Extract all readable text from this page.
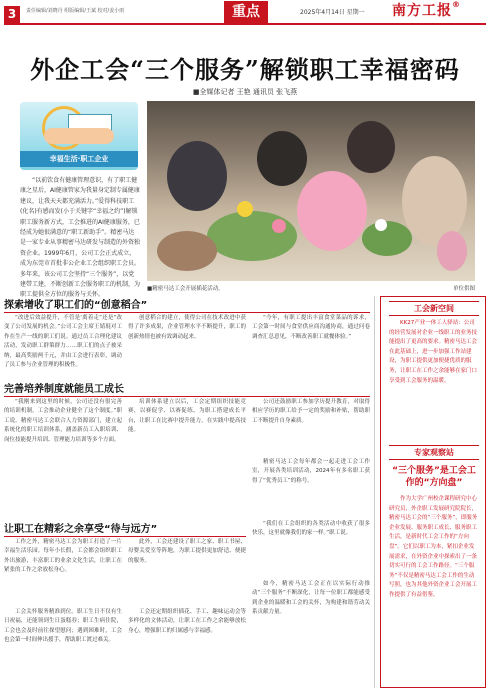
3	责任编辑/刘晓丹 组版编辑/王斌 校对/姜小雨	重点	2025年4月14日 星期一 南方工报®
外企工会“三个服务”解锁职工幸福密码
■全媒体记者 王艳 通讯员 张飞燕
幸福生活·职工企业
■精密马达工会开展插花活动。	单位供图
“以前饮食有健康管理意识，有了职工健康之星后，AI健康管家为我量身定制专属健康建议，让我天天都充满活力。”爱得科技职工(化名)有感而发(小于关键字“幸福之约”)解锁职工服务新方式，工会推进的AI健康服务，已经成为她很满意的“职工新助手”。精密马达是一家专业从事精密马达研发与制造的外资独资企业。1999年6月，公司工会正式成立，成为东莞市首批非公企业工会组织职工会员。多年来，该公司工会坚持“三个服务”，以党建带工建，不断创新工会服务职工的机制，为职工提供全方位的服务与关怀。
探索增收了职工们的“创意稻合”
“改进后效益提升，不管是‘离着走”还是“改变了公司发展的机会。”公司工会主席王婧琨对工作在生产一线的职工们说。通过员工合理化建议活动，发动职工群策群力……职工们的点子被采纳，最高奖励两千元，并由工会进行表彰，调动了员工参与企业管理的积极性。
创意稻合的建立，使得公司在技术改进中获得了许多成果，企业管理水平不断提升，职工的创新热情也被有效调动起来。
“今年，有职工提出丰富食堂菜品的诉求，工会第一时间与食堂供应商沟通协商，通过问卷调查汇总意见，不断改善职工就餐体验。”
完善培养制度就能员工成长
“我刚来到这里的时候，公司还没有很完善的培训机制，工会推动企业健全了这个制度。”职工说。精密马达工会联合人力资源部门，建立起系统化的职工培训体系，涵盖新员工入职培训、岗位技能提升培训、管理能力培训等多个方面。
培训体系建立以后，工会定期组织技能竞赛，以赛促学、以赛促练，为职工搭建成长平台，让职工在比赛中提升能力，在实践中提高技能。
公司还鼓励职工参加学历提升教育，对取得相应学历的职工给予一定的奖励和补贴，帮助职工不断提升自身素质。
精密马达工会每年都会一起走进工会工作室，开展各类培训活动，2024年有多名职工获得了“优秀员工”的称号。
让职工在精彩之余享受“待与远方”
工作之外，精密马达工会为职工打造了一片幸福生活乐园。每年小长假，工会都会组织职工外出旅游，丰富职工的业余文化生活，让职工在紧张的工作之余放松身心。
工会关怀服务精准到位。职工生日不仅有生日祝福，还能领到生日蛋糕券；职工生病住院，工会也会及时前往探望慰问；遇到困难时，工会也会第一时间伸出援手，帮助职工渡过难关。
此外，工会还建设了职工之家、职工书屋、母婴关爱室等阵地，为职工提供更加舒适、便捷的服务。
工会还定期组织插花、手工、趣味运动会等多样化的文体活动，让职工在工作之余能够放松身心，增强职工的归属感与幸福感。
“我们在工会组织的各类活动中收获了很多快乐，这里就像我们的家一样。”职工说。
如今，精密马达工会正在以实际行动推动“三个服务”不断深化，让每一位职工都能感受到企业的温暖和工会的关怀，为构建和谐劳动关系贡献力量。
工会新空间
KK27产业一体工人驿站：公司的经营发展对企业一线职工的业务技能提出了更高的要求。精密马达工会在此基础上，进一步加强工作站建设，为职工提供更加便捷优质的服务，让职工在工作之余能够在家门口享受到工会服务的温暖。
专家观察站
“三个服务”是工会工作的“方向盘”
作为大学广州校企课程研究中心研究员，外企职工发展研究院院长，精密马达工会的“三个服务”，即服务企业发展、服务职工成长、服务职工生活，是新时代工会工作的“方向盘”。它们以职工为本，紧扣企业发展需求，在外资企业中探索出了一条切实可行的工会工作路径。“三个服务”不仅是精密马达工会工作的生动写照，也为其他外资企业工会开展工作提供了有益借鉴。
